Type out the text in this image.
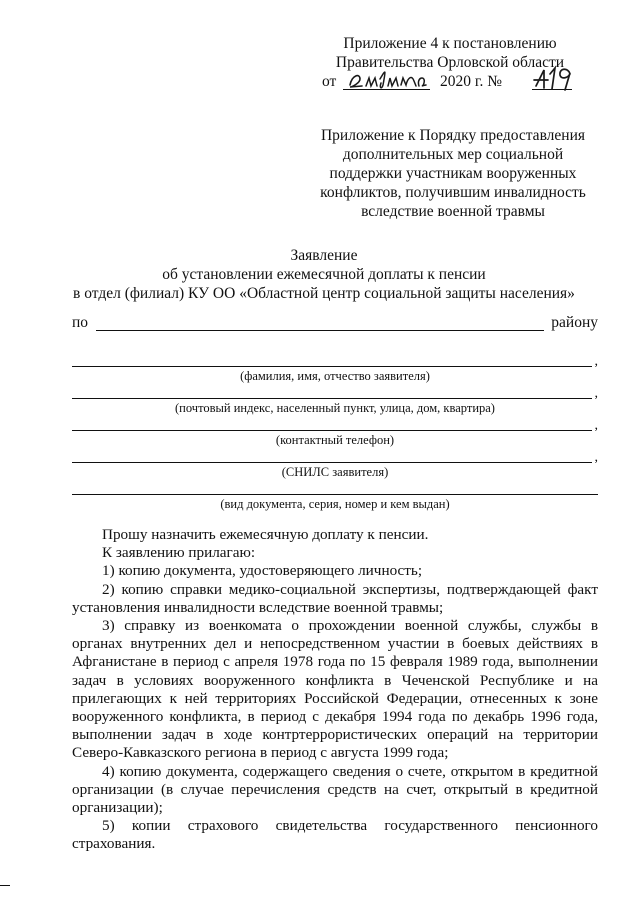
Приложение 4 к постановлению
Правительства Орловской области
от	2020 г. №
Приложение к Порядку предоставления
дополнительных мер социальной
поддержки участникам вооруженных
конфликтов, получившим инвалидность
вследствие военной травмы
Заявление
об установлении ежемесячной доплаты к пенсии
в отдел (филиал) КУ ОО «Областной центр социальной защиты населения»
по	району
,
(фамилия, имя, отчество заявителя)
,
(почтовый индекс, населенный пункт, улица, дом, квартира)
,
(контактный телефон)
,
(СНИЛС заявителя)
(вид документа, серия, номер и кем выдан)

Прошу назначить ежемесячную доплату к пенсии.

К заявлению прилагаю:

1) копию документа, удостоверяющего личность;

2) копию справки медико-социальной экспертизы, подтверждающей факт установления инвалидности вследствие военной травмы;

3) справку из военкомата о прохождении военной службы, службы в органах внутренних дел и непосредственном участии в боевых действиях в Афганистане в период с апреля 1978 года по 15 февраля 1989 года, выполнении задач в условиях вооруженного конфликта в Чеченской Республике и на прилегающих к ней территориях Российской Федерации, отнесенных к зоне вооруженного конфликта, в период с декабря 1994 года по декабрь 1996 года, выполнении задач в ходе контртеррористических операций на территории Северо-Кавказского региона в период с августа 1999 года;

4) копию документа, содержащего сведения о счете, открытом в кредитной организации (в случае перечисления средств на счет, открытый в кредитной организации);

5) копии страхового свидетельства государственного пенсионного страхования.
